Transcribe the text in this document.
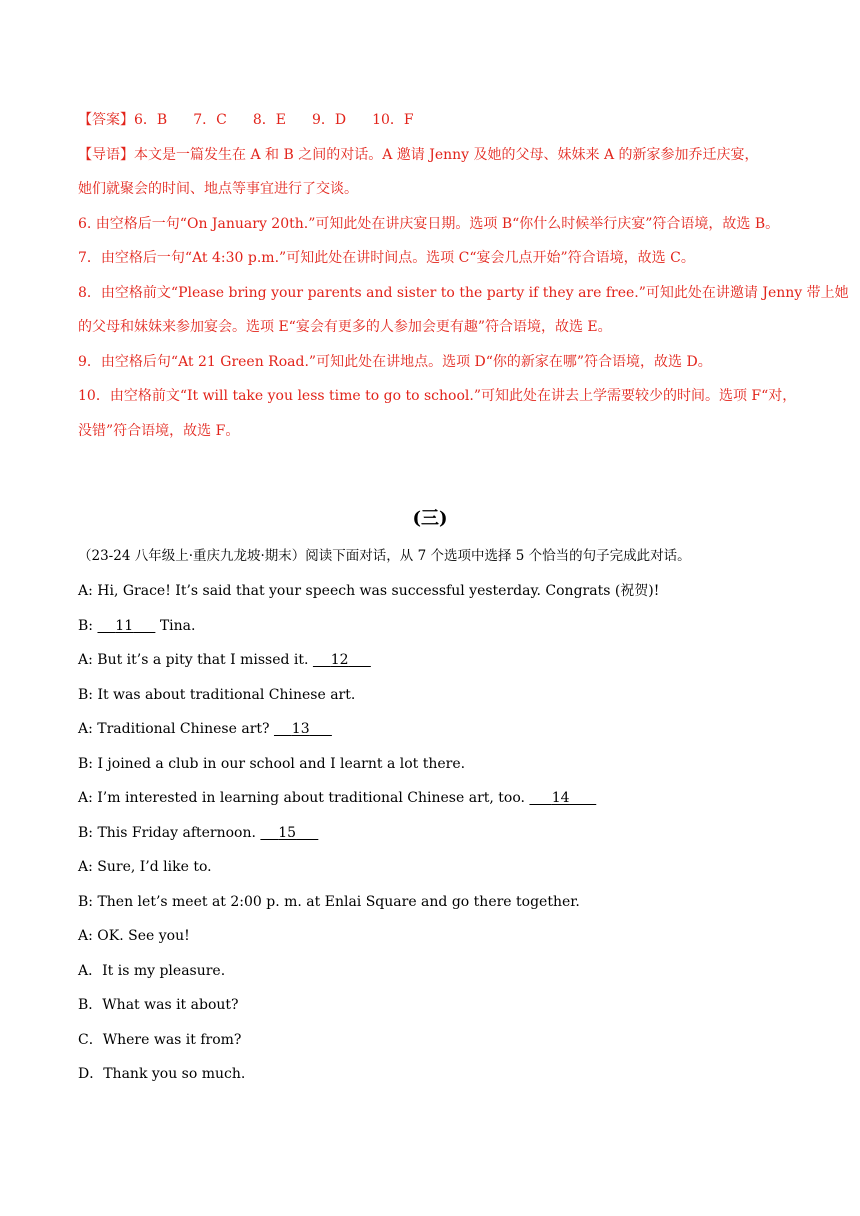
【答案】6．B 7．C 8．E 9．D 10．F
【导语】本文是一篇发生在 A 和 B 之间的对话。A 邀请 Jenny 及她的父母、妹妹来 A 的新家参加乔迁庆宴，
她们就聚会的时间、地点等事宜进行了交谈。
6. 由空格后一句“On January 20th.”可知此处在讲庆宴日期。选项 B“你什么时候举行庆宴”符合语境，故选 B。
7．由空格后一句“At 4:30 p.m.”可知此处在讲时间点。选项 C“宴会几点开始”符合语境，故选 C。
8．由空格前文“Please bring your parents and sister to the party if they are free.”可知此处在讲邀请 Jenny 带上她
的父母和妹妹来参加宴会。选项 E“宴会有更多的人参加会更有趣”符合语境，故选 E。
9．由空格后句“At 21 Green Road.”可知此处在讲地点。选项 D“你的新家在哪”符合语境，故选 D。
10．由空格前文“It will take you less time to go to school.”可知此处在讲去上学需要较少的时间。选项 F“对，
没错”符合语境，故选 F。
(三)
（23-24 八年级上·重庆九龙坡·期末）阅读下面对话，从 7 个选项中选择 5 个恰当的句子完成此对话。
A: Hi, Grace! It’s said that your speech was successful yesterday. Congrats (祝贺)!
B:     11      Tina.
A: But it’s a pity that I missed it.     12
B: It was about traditional Chinese art.
A: Traditional Chinese art?     13
B: I joined a club in our school and I learnt a lot there.
A: I’m interested in learning about traditional Chinese art, too.      14
B: This Friday afternoon.     15
A: Sure, I’d like to.
B: Then let’s meet at 2:00 p. m. at Enlai Square and go there together.
A: OK. See you!
A．It is my pleasure.
B．What was it about?
C．Where was it from?
D．Thank you so much.
